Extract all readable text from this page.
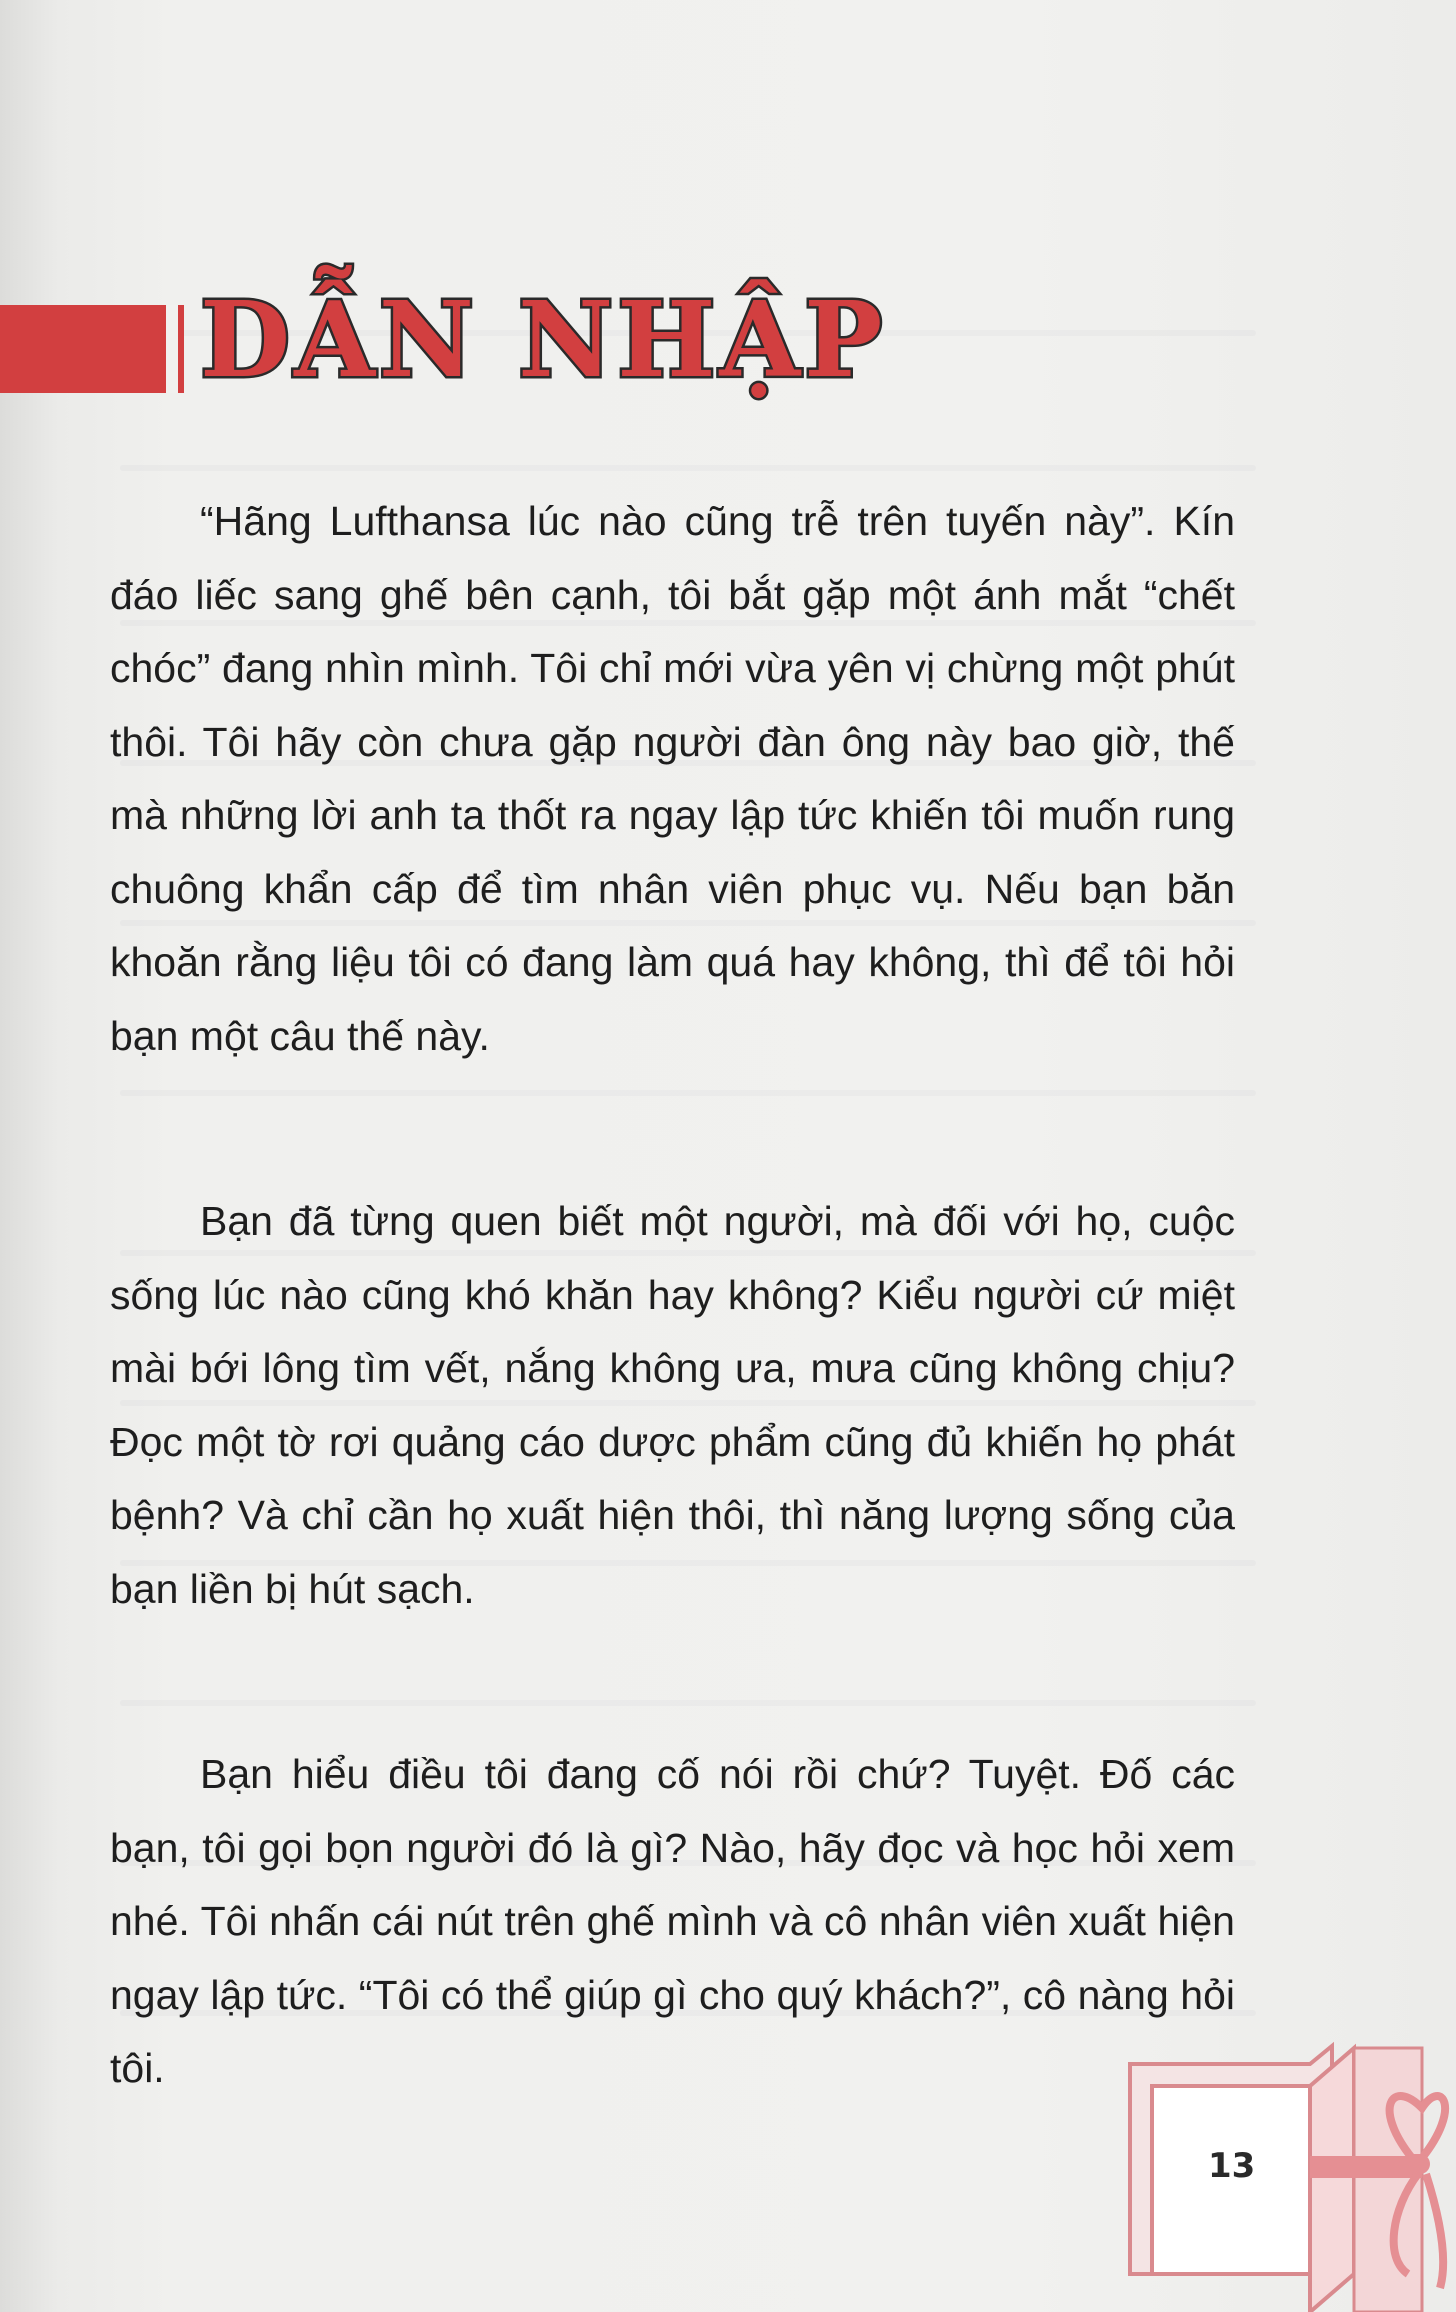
DẪN NHẬP

“Hãng Lufthansa lúc nào cũng trễ trên tuyến này”. Kín đáo liếc sang ghế bên cạnh, tôi bắt gặp một ánh mắt “chết chóc” đang nhìn mình. Tôi chỉ mới vừa yên vị chừng một phút thôi. Tôi hãy còn chưa gặp người đàn ông này bao giờ, thế mà những lời anh ta thốt ra ngay lập tức khiến tôi muốn rung chuông khẩn cấp để tìm nhân viên phục vụ. Nếu bạn băn khoăn rằng liệu tôi có đang làm quá hay không, thì để tôi hỏi bạn một câu thế này.

Bạn đã từng quen biết một người, mà đối với họ, cuộc sống lúc nào cũng khó khăn hay không? Kiểu người cứ miệt mài bới lông tìm vết, nắng không ưa, mưa cũng không chịu? Đọc một tờ rơi quảng cáo dược phẩm cũng đủ khiến họ phát bệnh? Và chỉ cần họ xuất hiện thôi, thì năng lượng sống của bạn liền bị hút sạch.

Bạn hiểu điều tôi đang cố nói rồi chứ? Tuyệt. Đố các bạn, tôi gọi bọn người đó là gì? Nào, hãy đọc và học hỏi xem nhé. Tôi nhấn cái nút trên ghế mình và cô nhân viên xuất hiện ngay lập tức. “Tôi có thể giúp gì cho quý khách?”, cô nàng hỏi tôi.

13
